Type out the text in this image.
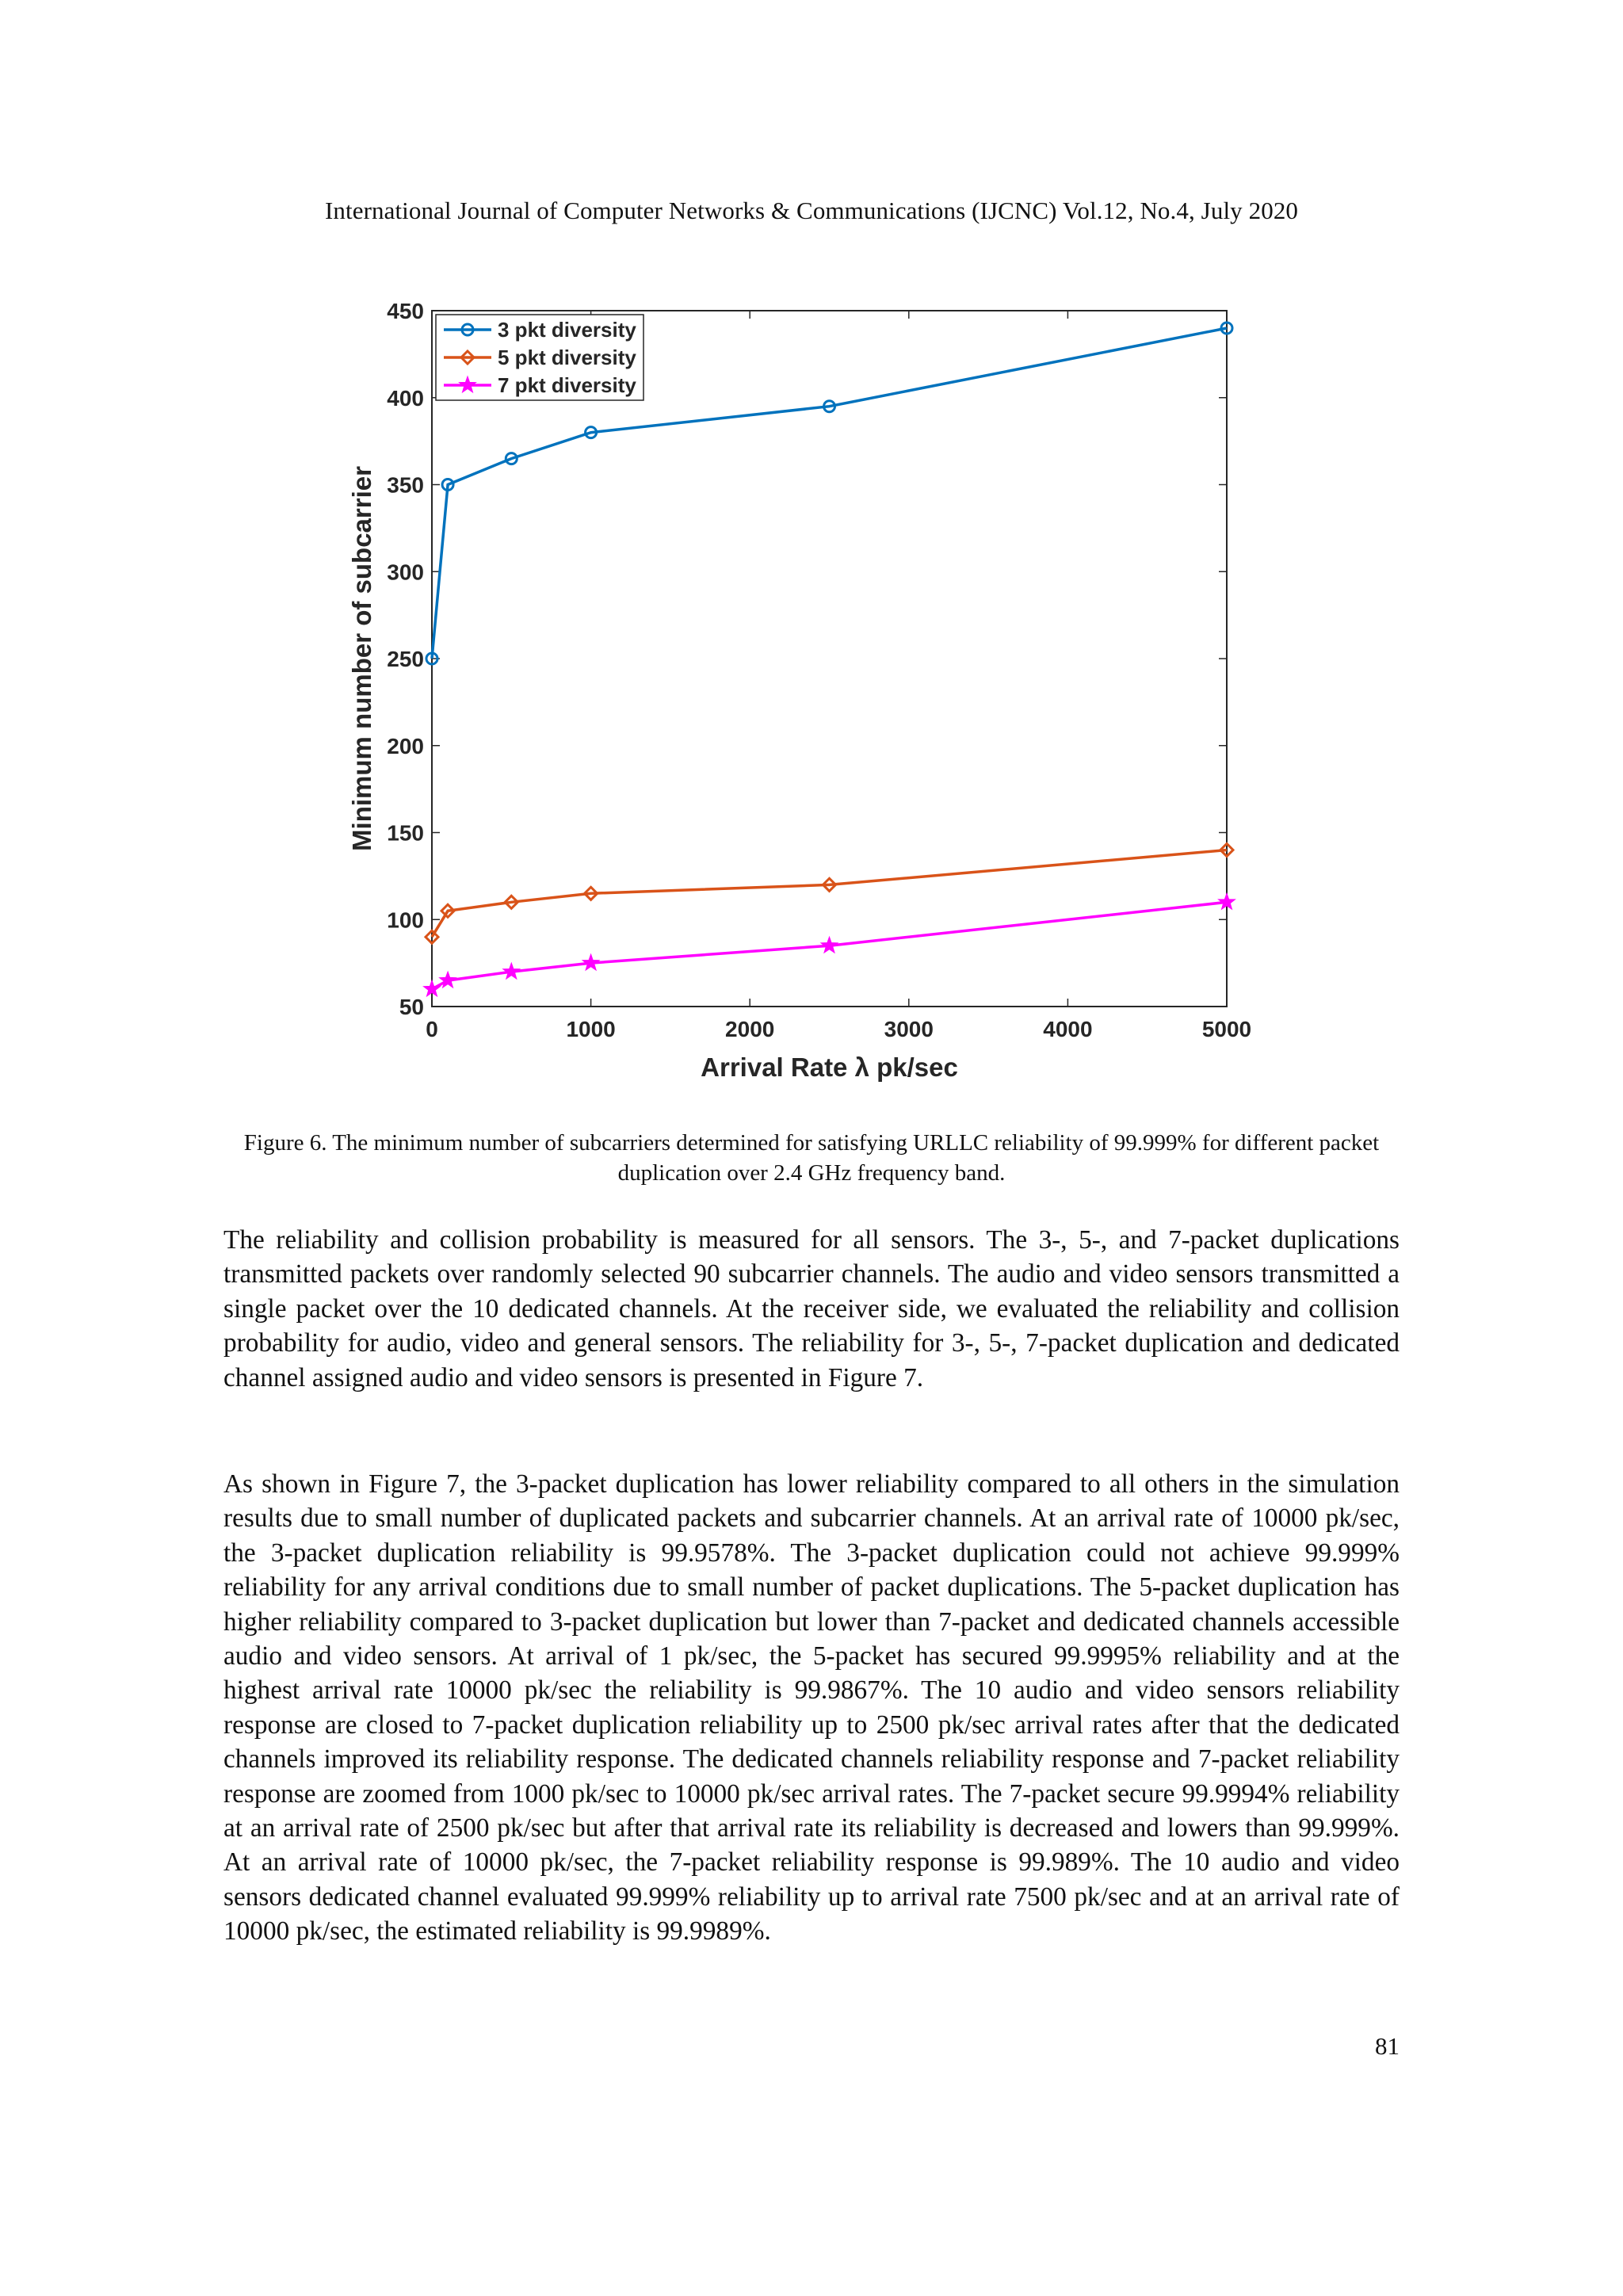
International Journal of Computer Networks & Communications (IJCNC) Vol.12, No.4, July 2020
0	1000	2000	3000	4000	5000
50
100
150
200
250
300
350
400
450
Arrival Rate λ pk/sec
Minimum number of subcarrier
3 pkt diversity
5 pkt diversity
7 pkt diversity
Figure 6. The minimum number of subcarriers determined for satisfying URLLC reliability of 99.999% for different packet duplication over 2.4 GHz frequency band.

The reliability and collision probability is measured for all sensors. The 3-, 5-, and 7-packet duplications transmitted packets over randomly selected 90 subcarrier channels. The audio and video sensors transmitted a single packet over the 10 dedicated channels. At the receiver side, we evaluated the reliability and collision probability for audio, video and general sensors. The reliability for 3-, 5-, 7-packet duplication and dedicated channel assigned audio and video sensors is presented in Figure 7.

As shown in Figure 7, the 3-packet duplication has lower reliability compared to all others in the simulation results due to small number of duplicated packets and subcarrier channels. At an arrival rate of 10000 pk/sec, the 3-packet duplication reliability is 99.9578%. The 3-packet duplication could not achieve 99.999% reliability for any arrival conditions due to small number of packet duplications. The 5-packet duplication has higher reliability compared to 3-packet duplication but lower than 7-packet and dedicated channels accessible audio and video sensors. At arrival of 1 pk/sec, the 5-packet has secured 99.9995% reliability and at the highest arrival rate 10000 pk/sec the reliability is 99.9867%. The 10 audio and video sensors reliability response are closed to 7-packet duplication reliability up to 2500 pk/sec arrival rates after that the dedicated channels improved its reliability response. The dedicated channels reliability response and 7-packet reliability response are zoomed from 1000 pk/sec to 10000 pk/sec arrival rates. The 7-packet secure 99.9994% reliability at an arrival rate of 2500 pk/sec but after that arrival rate its reliability is decreased and lowers than 99.999%. At an arrival rate of 10000 pk/sec, the 7-packet reliability response is 99.989%. The 10 audio and video sensors dedicated channel evaluated 99.999% reliability up to arrival rate 7500 pk/sec and at an arrival rate of 10000 pk/sec, the estimated reliability is 99.9989%.

81
